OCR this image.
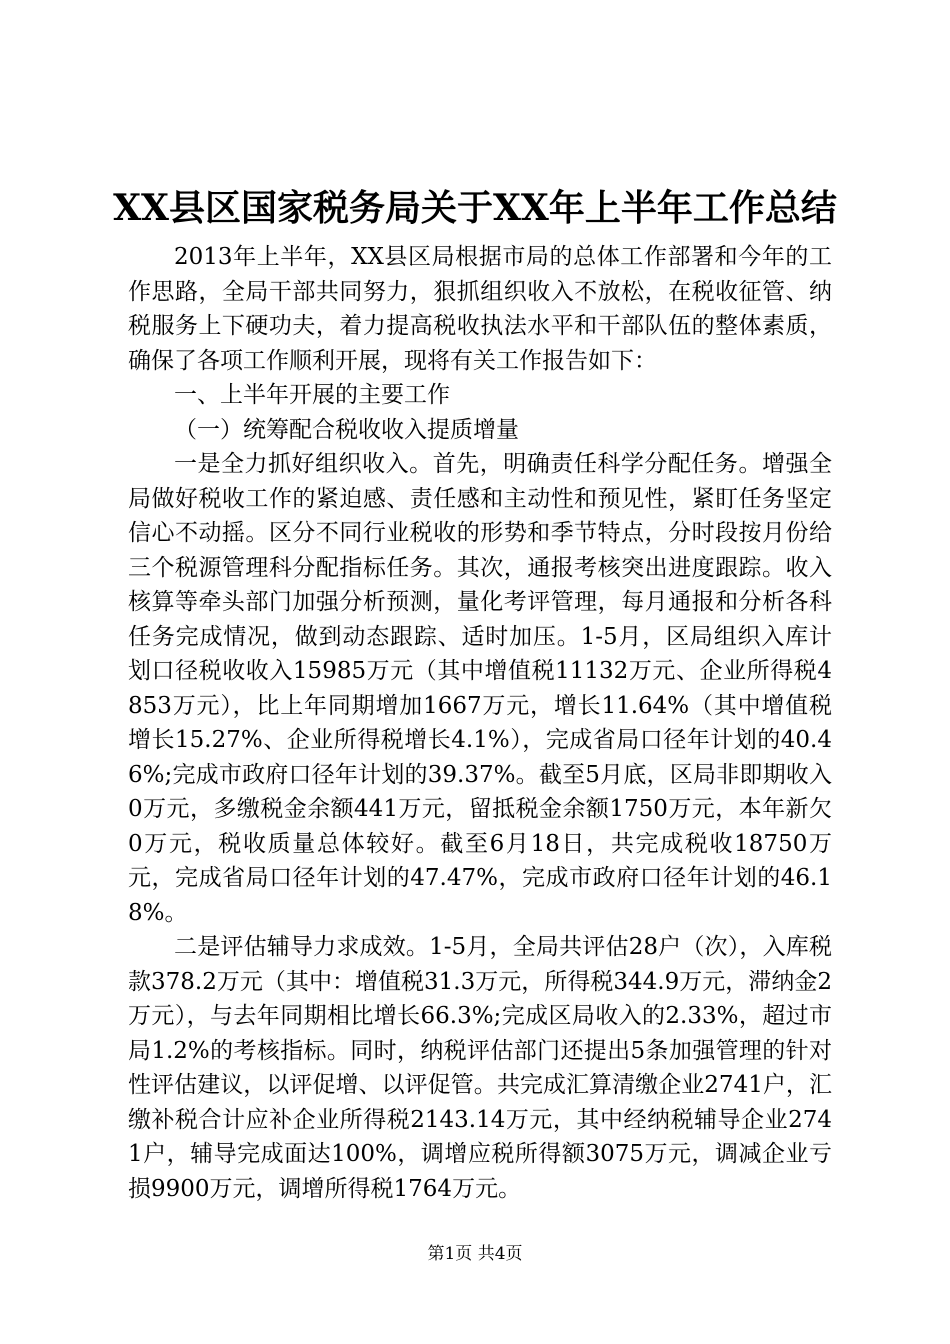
XX县区国家税务局关于XX年上半年工作总结

2013年上半年，XX县区局根据市局的总体工作部署和今年的工作思路，全局干部共同努力，狠抓组织收入不放松，在税收征管、纳税服务上下硬功夫，着力提高税收执法水平和干部队伍的整体素质，确保了各项工作顺利开展，现将有关工作报告如下：

一、上半年开展的主要工作

（一）统筹配合税收收入提质增量

一是全力抓好组织收入。首先，明确责任科学分配任务。增强全局做好税收工作的紧迫感、责任感和主动性和预见性，紧盯任务坚定信心不动摇。区分不同行业税收的形势和季节特点，分时段按月份给三个税源管理科分配指标任务。其次，通报考核突出进度跟踪。收入核算等牵头部门加强分析预测，量化考评管理，每月通报和分析各科任务完成情况，做到动态跟踪、适时加压。1-5月，区局组织入库计划口径税收收入15985万元（其中增值税11132万元、企业所得税4853万元），比上年同期增加1667万元，增长11.64%（其中增值税增长15.27%、企业所得税增长4.1%），完成省局口径年计划的40.46%;完成市政府口径年计划的39.37%。截至5月底，区局非即期收入0万元，多缴税金余额441万元，留抵税金余额1750万元，本年新欠0万元，税收质量总体较好。截至6月18日，共完成税收18750万元，完成省局口径年计划的47.47%，完成市政府口径年计划的46.18%。

二是评估辅导力求成效。1-5月，全局共评估28户（次），入库税款378.2万元（其中：增值税31.3万元，所得税344.9万元，滞纳金2万元），与去年同期相比增长66.3%;完成区局收入的2.33%，超过市局1.2%的考核指标。同时，纳税评估部门还提出5条加强管理的针对性评估建议，以评促增、以评促管。共完成汇算清缴企业2741户，汇缴补税合计应补企业所得税2143.14万元，其中经纳税辅导企业2741户，辅导完成面达100%，调增应税所得额3075万元，调减企业亏损9900万元，调增所得税1764万元。

第1页 共4页
